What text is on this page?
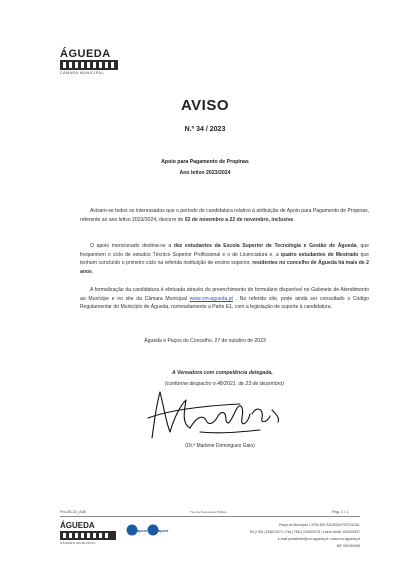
ÁGUEDA
CÂMARA MUNICIPAL
AVISO
N.º 34 / 2023
Apoio para Pagamento de Propinas
Ano letivo 2023/2024
Avisam-se todos os interessados que o período de candidatura relativo à atribuição de Apoio para Pagamento de Propinas, referente ao ano letivo 2023/2024, decorre de 02 de novembro a 22 de novembro, inclusive.
O apoio mencionado destina-se a dez estudantes da Escola Superior de Tecnologia e Gestão de Águeda, que frequentem o ciclo de estudos Técnico Superior Profissional e o de Licenciatura e, a quatro estudantes de Mestrado que tenham concluído o primeiro ciclo na referida instituição de ensino superior, residentes no concelho de Águeda há mais de 2 anos.
A formalização da candidatura é efetuada através do preenchimento de formulário disponível no Gabinete de Atendimento ao Munícipe e no site da Câmara Municipal www.cm-agueda.pt . No referido site, pode ainda ser consultado o Código Regulamentar do Município de Águeda, nomeadamente a Parte E1, com a legislação de suporte à candidatura.
Águeda e Paços do Concelho, 27 de outubro de 2023
A Vereadora com competência delegada,
(conforme despacho n.48/2021, de 23 de dezembro)
(Dr.ª Marlene Domingues Gaio)
Pro-05-23_A36	Tipo de Documento Público	Pag. 1 / 1
ÁGUEDA
CÂMARA MUNICIPAL
apcer	apcer
Praça do Município • 3754-500 ÁGUEDA PORTUGAL
Tel (+351) 234610070 • Fax (+351) 234610078 • Linha Verde: 800203197
e-mail presidente@cm-agueda.pt • www.cm-agueda.pt
NIF 501090436
